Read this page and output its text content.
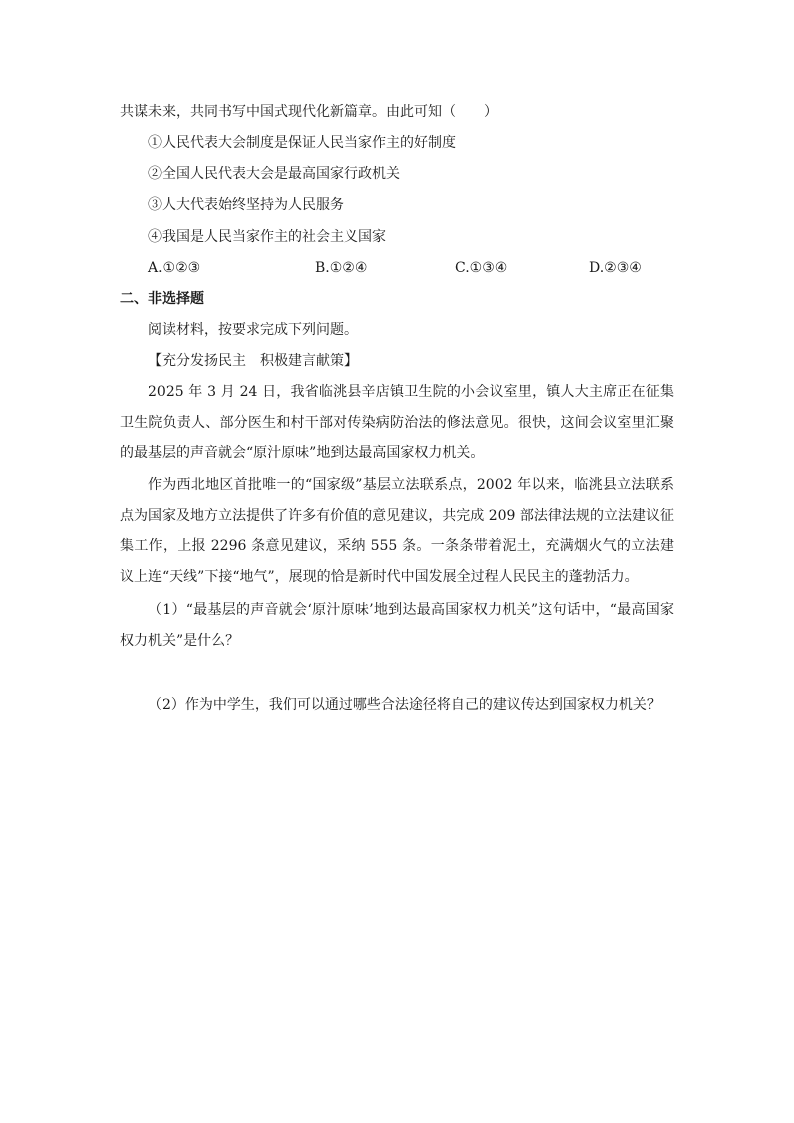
共谋未来，共同书写中国式现代化新篇章。由此可知（　　）
①人民代表大会制度是保证人民当家作主的好制度
②全国人民代表大会是最高国家行政机关
③人大代表始终坚持为人民服务
④我国是人民当家作主的社会主义国家
A.①②③	B.①②④	C.①③④	D.②③④
二、非选择题
阅读材料，按要求完成下列问题。
【充分发扬民主　积极建言献策】
2025 年 3 月 24 日，我省临洮县辛店镇卫生院的小会议室里，镇人大主席正在征集卫生院负责人、部分医生和村干部对传染病防治法的修法意见。很快，这间会议室里汇聚的最基层的声音就会“原汁原味”地到达最高国家权力机关。
作为西北地区首批唯一的“国家级”基层立法联系点，2002 年以来，临洮县立法联系点为国家及地方立法提供了许多有价值的意见建议，共完成 209 部法律法规的立法建议征集工作，上报 2296 条意见建议，采纳 555 条。一条条带着泥土，充满烟火气的立法建议上连“天线”下接“地气”，展现的恰是新时代中国发展全过程人民民主的蓬勃活力。
（1）“最基层的声音就会‘原汁原味’地到达最高国家权力机关”这句话中，“最高国家权力机关”是什么？
（2）作为中学生，我们可以通过哪些合法途径将自己的建议传达到国家权力机关？
